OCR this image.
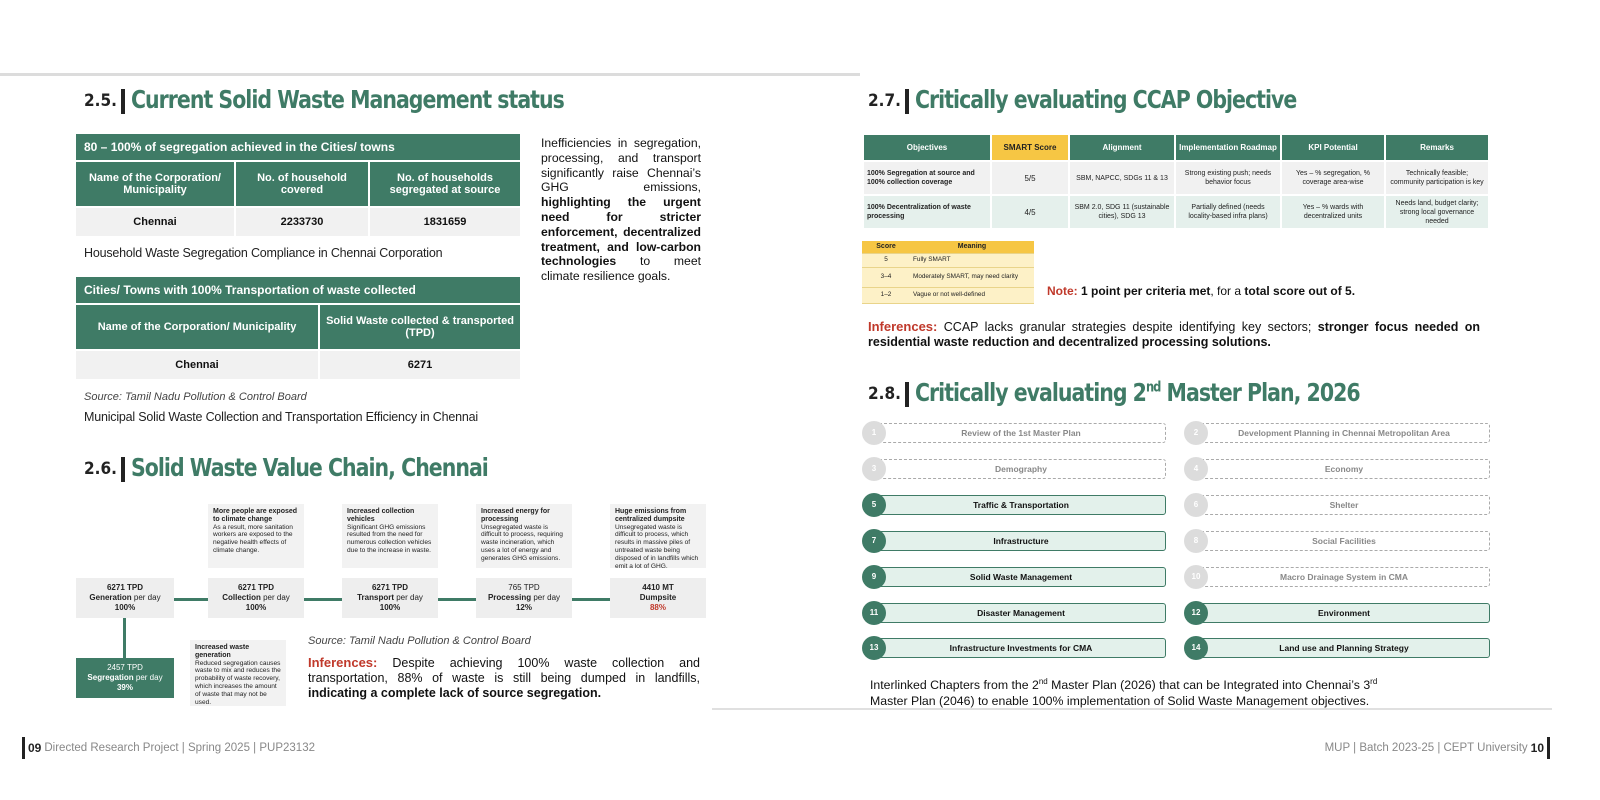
2.5. Current Solid Waste Management status
80 – 100% of segregation achieved in the Cities/ towns		
Name of the Corporation/ Municipality	No. of household covered	No. of households segregated at source
Chennai	2233730	1831659
Household Waste Segregation Compliance in Chennai Corporation
Cities/ Towns with 100% Transportation of waste collected	
Name of the Corporation/ Municipality	Solid Waste collected & transported (TPD)
Chennai	6271
Source: Tamil Nadu Pollution & Control Board
Municipal Solid Waste Collection and Transportation Efficiency in Chennai
Inefficiencies in segregation, processing, and transport significantly raise Chennai’s GHG emissions, highlighting the urgent need for stricter enforcement, decentralized treatment, and low-carbon technologies to meet climate resilience goals.
2.6. Solid Waste Value Chain, Chennai
More people are exposed to climate change
As a result, more sanitation workers are exposed to the negative health effects of climate change.
Increased collection vehicles
Significant GHG emissions resulted from the need for numerous collection vehicles due to the increase in waste.
Increased energy for processing
Unsegregated waste is difficult to process, requiring waste incineration, which uses a lot of energy and generates GHG emissions.
Huge emissions from centralized dumpsite
Unsegregated waste is difficult to process, which results in massive piles of untreated waste being disposed of in landfills which emit a lot of GHG.
Increased waste generation
Reduced segregation causes waste to mix and reduces the probability of waste recovery, which increases the amount of waste that may not be used.
6271 TPD
Generation per day
100%
6271 TPD
Collection per day
100%
6271 TPD
Transport per day
100%
765 TPD
Processing per day
12%
4410 MT
Dumpsite
88%
2457 TPD
Segregation per day
39%
Source: Tamil Nadu Pollution & Control Board
Inferences: Despite achieving 100% waste collection and transportation, 88% of waste is still being dumped in landfills, indicating a complete lack of source segregation.
09 Directed Research Project | Spring 2025 | PUP23132
2.7. Critically evaluating CCAP Objective
Objectives	SMART Score	Alignment	Implementation Roadmap	KPI Potential	Remarks
100% Segregation at source and 100% collection coverage	5/5	SBM, NAPCC, SDGs 11 & 13	Strong existing push; needs behavior focus	Yes – % segregation, % coverage area-wise	Technically feasible; community participation is key
100% Decentralization of waste processing	4/5	SBM 2.0, SDG 11 (sustainable cities), SDG 13	Partially defined (needs locality-based infra plans)	Yes – % wards with decentralized units	Needs land, budget clarity; strong local governance needed
Score	Meaning
5	Fully SMART
3–4	Moderately SMART, may need clarity
1–2	Vague or not well-defined	Note: 1 point per criteria met, for a total score out of 5.
Inferences: CCAP lacks granular strategies despite identifying key sectors; stronger focus needed on residential waste reduction and decentralized processing solutions.
2.8. Critically evaluating 2nd Master Plan, 2026
1	Review of the 1st Master Plan	2	Development Planning in Chennai Metropolitan Area
3	Demography	4	Economy
5	Traffic & Transportation	6	Shelter
7	Infrastructure	8	Social Facilities
9	Solid Waste Management	10	Macro Drainage System in CMA
11	Disaster Management	12	Environment
13	Infrastructure Investments for CMA	14	Land use and Planning Strategy
Interlinked Chapters from the 2nd Master Plan (2026) that can be Integrated into Chennai’s 3rd
Master Plan (2046) to enable 100% implementation of Solid Waste Management objectives.
MUP | Batch 2023-25 | CEPT University 10
